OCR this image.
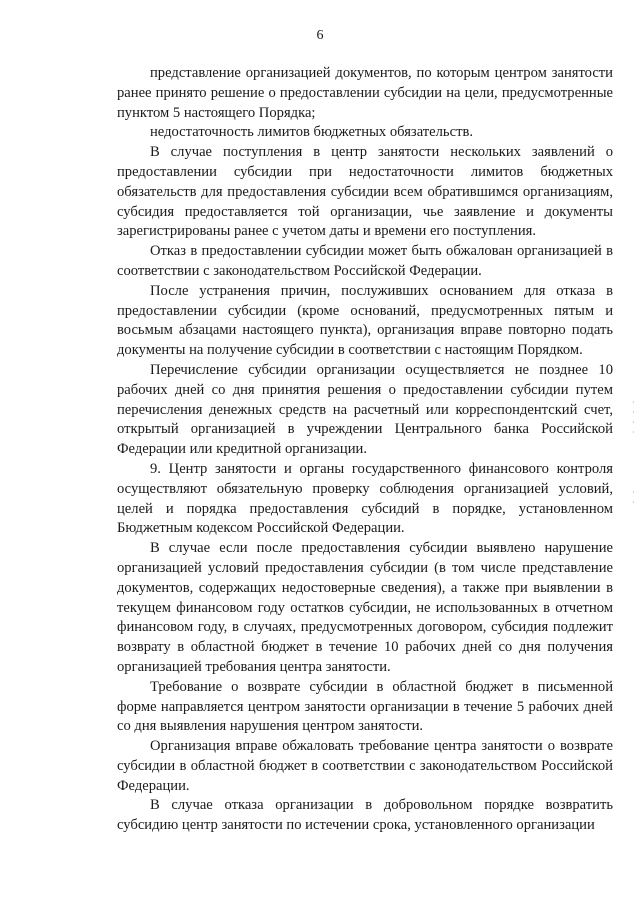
6

представление организацией документов, по которым центром занятости ранее принято решение о предоставлении субсидии на цели, предусмотренные пунктом 5 настоящего Порядка;

недостаточность лимитов бюджетных обязательств.

В случае поступления в центр занятости нескольких заявлений о предоставлении субсидии при недостаточности лимитов бюджетных обязательств для предоставления субсидии всем обратившимся организациям, субсидия предоставляется той организации, чье заявление и документы зарегистрированы ранее с учетом даты и времени его поступления.

Отказ в предоставлении субсидии может быть обжалован организацией в соответствии с законодательством Российской Федерации.

После устранения причин, послуживших основанием для отказа в предоставлении субсидии (кроме оснований, предусмотренных пятым и восьмым абзацами настоящего пункта), организация вправе повторно подать документы на получение субсидии в соответствии с настоящим Порядком.

Перечисление субсидии организации осуществляется не позднее 10 рабочих дней со дня принятия решения о предоставлении субсидии путем перечисления денежных средств на расчетный или корреспондентский счет, открытый организацией в учреждении Центрального банка Российской Федерации или кредитной организации.

9. Центр занятости и органы государственного финансового контроля осуществляют обязательную проверку соблюдения организацией условий, целей и порядка предоставления субсидий в порядке, установленном Бюджетным кодексом Российской Федерации.

В случае если после предоставления субсидии выявлено нарушение организацией условий предоставления субсидии (в том числе представление документов, содержащих недостоверные сведения), а также при выявлении в текущем финансовом году остатков субсидии, не использованных в отчетном финансовом году, в случаях, предусмотренных договором, субсидия подлежит возврату в областной бюджет в течение 10 рабочих дней со дня получения организацией требования центра занятости.

Требование о возврате субсидии в областной бюджет в письменной форме направляется центром занятости организации в течение 5 рабочих дней со дня выявления нарушения центром занятости.

Организация вправе обжаловать требование центра занятости о возврате субсидии в областной бюджет в соответствии с законодательством Российской Федерации.

В случае отказа организации в добровольном порядке возвратить субсидию центр занятости по истечении срока, установленного организации

·
·
·
·
·
·
